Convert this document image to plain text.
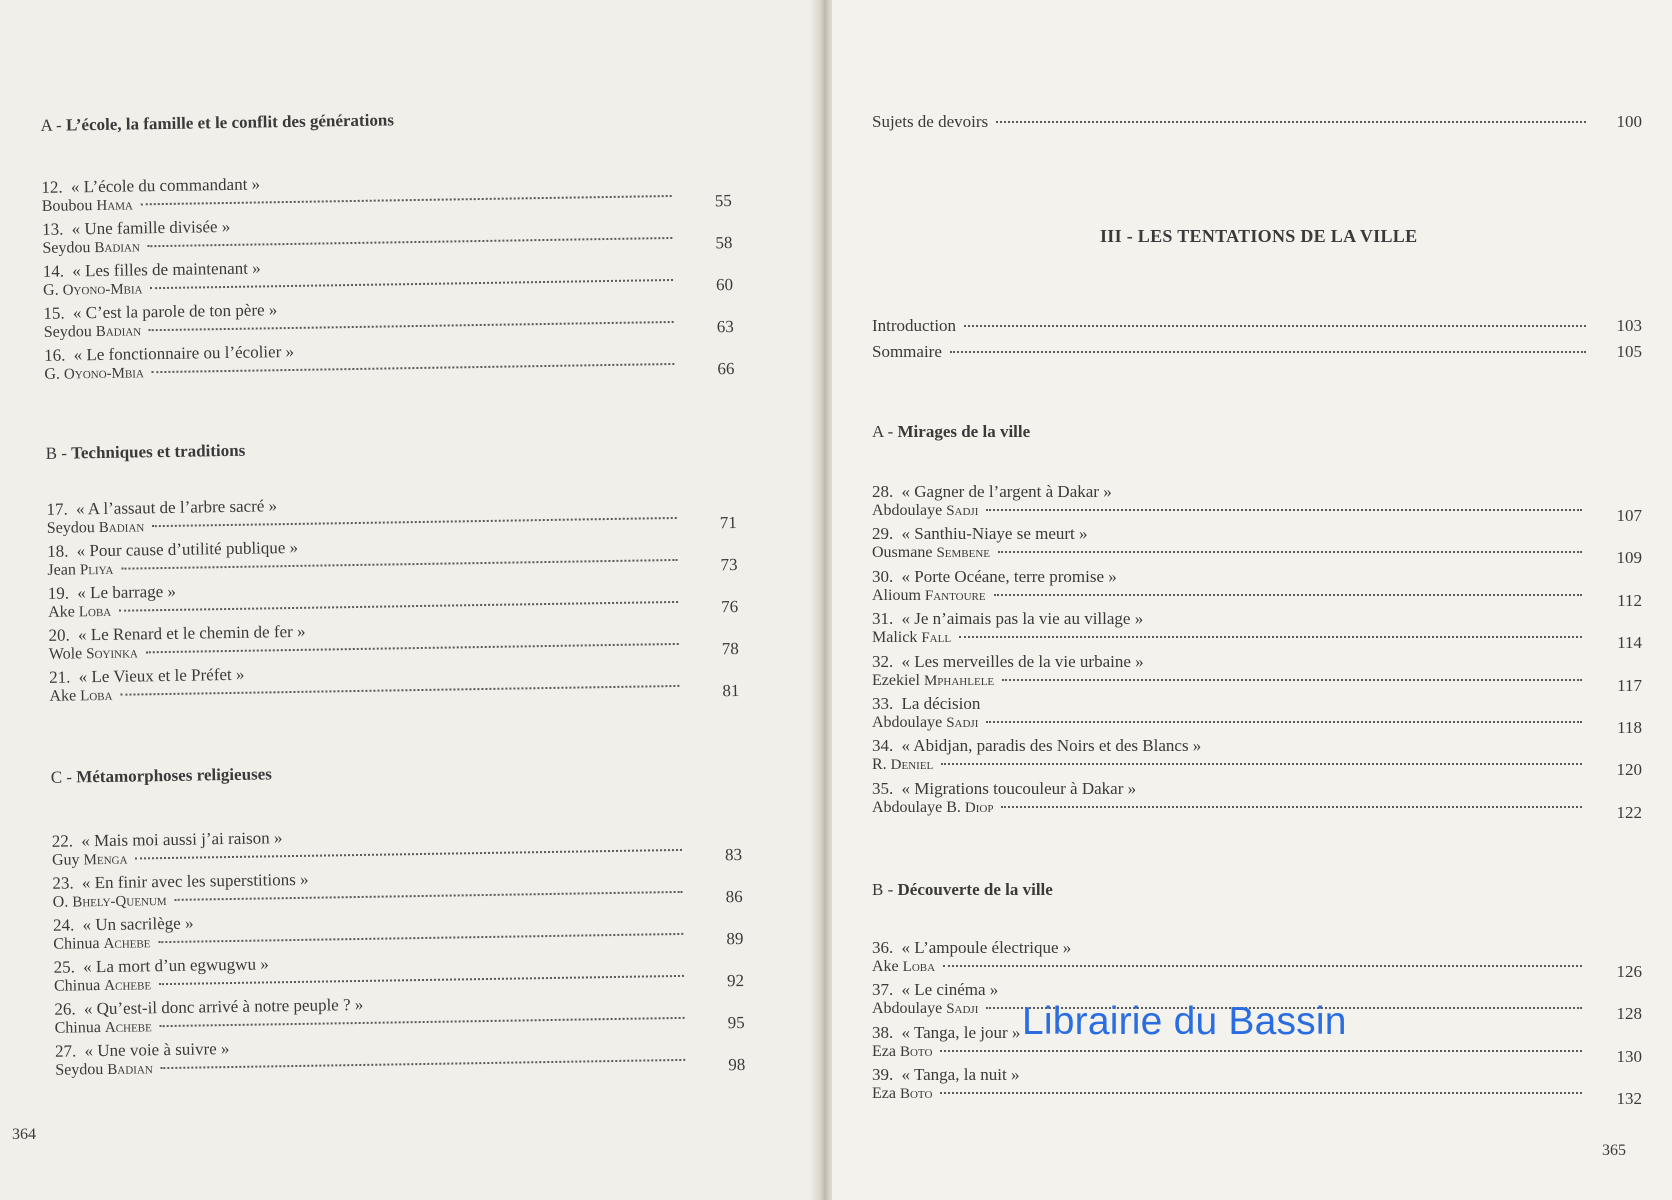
A - L’école, la famille et le conflit des générations
12. « L’école du commandant »
Boubou Hama	55
13. « Une famille divisée »
Seydou Badian	58
14. « Les filles de maintenant »
G. Oyono-Mbia	60
15. « C’est la parole de ton père »
Seydou Badian	63
16. « Le fonctionnaire ou l’écolier »
G. Oyono-Mbia	66
B - Techniques et traditions
17. « A l’assaut de l’arbre sacré »
Seydou Badian	71
18. « Pour cause d’utilité publique »
Jean Pliya	73
19. « Le barrage »
Ake Loba	76
20. « Le Renard et le chemin de fer »
Wole Soyinka	78
21. « Le Vieux et le Préfet »
Ake Loba	81
C - Métamorphoses religieuses
22. « Mais moi aussi j’ai raison »
Guy Menga	83
23. « En finir avec les superstitions »
O. Bhely-Quenum	86
24. « Un sacrilège »
Chinua Achebe	89
25. « La mort d’un egwugwu »
Chinua Achebe	92
26. « Qu’est-il donc arrivé à notre peuple ? »
Chinua Achebe	95
27. « Une voie à suivre »
Seydou Badian	98
364
Sujets de devoirs	100
III - LES TENTATIONS DE LA VILLE
Introduction	103
Sommaire	105
A - Mirages de la ville
28. « Gagner de l’argent à Dakar »
Abdoulaye Sadji	107
29. « Santhiu-Niaye se meurt »
Ousmane Sembene	109
30. « Porte Océane, terre promise »
Alioum Fantoure	112
31. « Je n’aimais pas la vie au village »
Malick Fall	114
32. « Les merveilles de la vie urbaine »
Ezekiel Mphahlele	117
33. La décision
Abdoulaye Sadji	118
34. « Abidjan, paradis des Noirs et des Blancs »
R. Deniel	120
35. « Migrations toucouleur à Dakar »
Abdoulaye B. Diop	122
B - Découverte de la ville
36. « L’ampoule électrique »
Ake Loba	126
37. « Le cinéma »
Abdoulaye Sadji	128
38. « Tanga, le jour »
Eza Boto	130
39. « Tanga, la nuit »
Eza Boto	132
365
Librairie du Bassin
